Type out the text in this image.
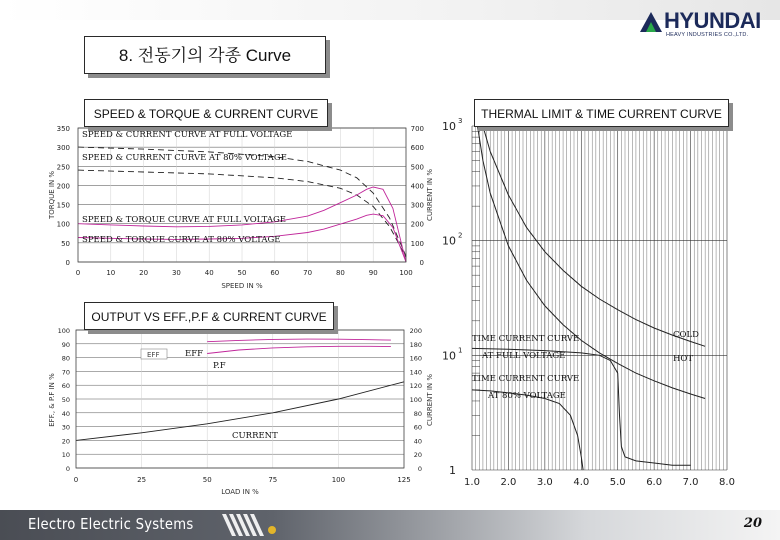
HYUNDAI
HEAVY INDUSTRIES CO.,LTD.
8. 전동기의 각종 Curve
0
50
100
150
200
250
300
350
0
100
200
300
400
500
600
700
0	10	20	30	40	50	60	70	80	90	100
SPEED & CURRENT CURVE AT FULL VOLTAGE
SPEED & CURRENT CURVE AT 80% VOLTAGE
SPEED & TORQUE CURVE AT FULL VOLTAGE
SPEED & TORQUE CURVE AT 80% VOLTAGE
SPEED IN %
TORQUE IN %	CURRENT IN %
SPEED & TORQUE & CURRENT CURVE
1.0 2.0 3.0 4.0 5.0 6.0 7.0 8.0
1
10 1
10 2
10 3
COLD
HOT
TIME CURRENT CURVE
AT FULL VOLTAGE
TIME CURRENT CURVE
AT 80% VOLTAGE
THERMAL LIMIT & TIME CURRENT CURVE
0
10
20
30
40
50
60
70
80
90
100
0
20
40
60
80
100
120
140
160
180
200
0	25	50	75	100	125
EFF	EFF
P.F
CURRENT
LOAD IN %
EFF., & P.F IN %	CURRENT IN %
OUTPUT VS EFF.,P.F & CURRENT CURVE
Electro Electric Systems	20
